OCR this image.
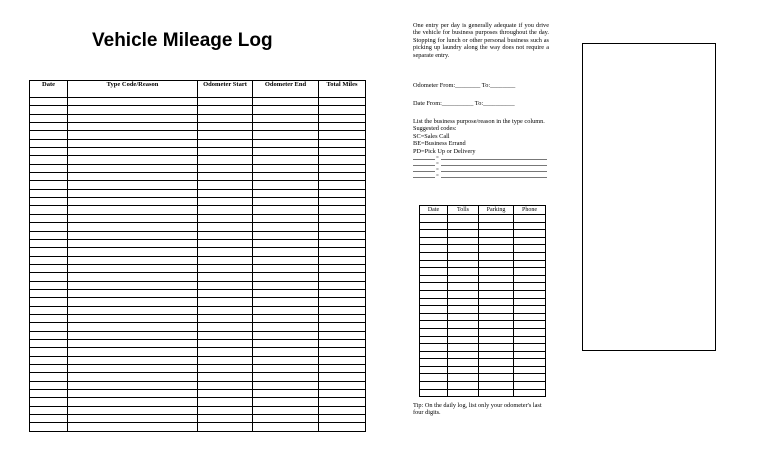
Vehicle Mileage Log
Date	Type Code/Reason	Odometer Start	Odometer End	Total Miles

One entry per day is generally adequate if you drive the vehicle for business purposes throughout the day. Stopping for lunch or other personal business such as picking up laundry along the way does not require a separate entry.
Odometer From:________ To:________
Date From:__________ To:__________
List the business purpose/reason in the type column. Suggested codes:
SC=Sales Call
BE=Business Errand
PD=Pick Up or Delivery
=
=
=
=
Date	Tolls	Parking	Phone

Tip: On the daily log, list only your odometer's last four digits.
